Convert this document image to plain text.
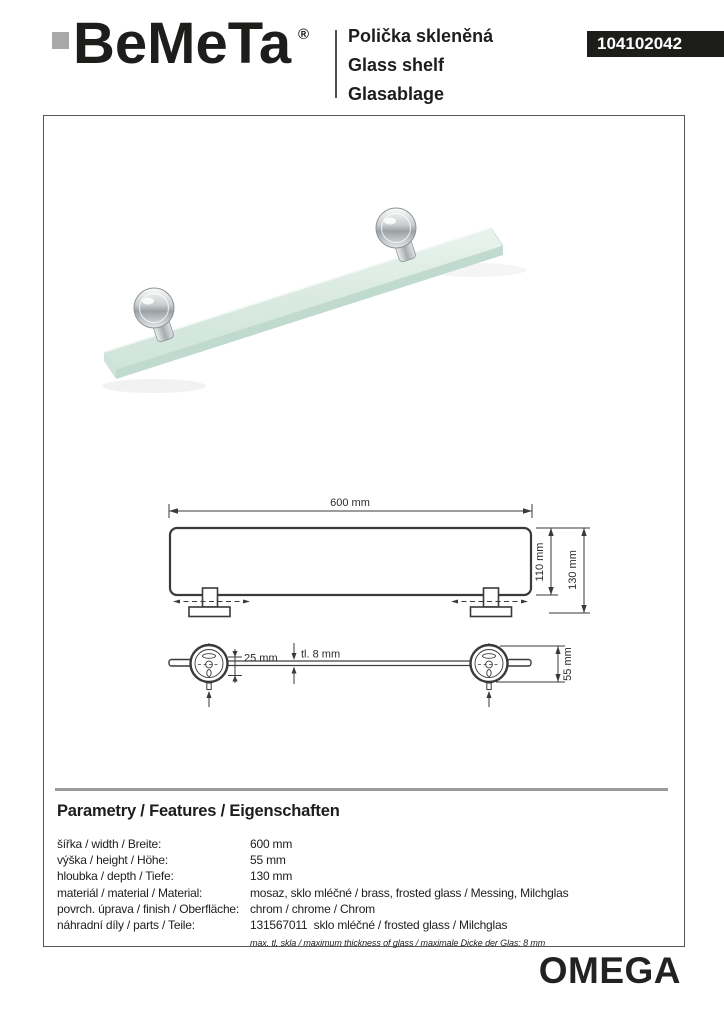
BeMeTa ® Polička skleněná
Glass shelf
Glasablage
104102042
600 mm
110 mm 130 mm
25 mm tl. 8 mm	55 mm
Parametry / Features / Eigenschaften
šířka / width / Breite:	600 mm
výška / height / Höhe:	55 mm
hloubka / depth / Tiefe:	130 mm
materiál / material / Material:	mosaz, sklo mléčné / brass, frosted glass / Messing, Milchglas
povrch. úprava / finish / Oberfläche: chrom / chrome / Chrom
náhradní díly / parts / Teile:	131567011  sklo mléčné / frosted glass / Milchglas
max. tl. skla / maximum thickness of glass / maximale Dicke der Glas: 8 mm
OMEGA
